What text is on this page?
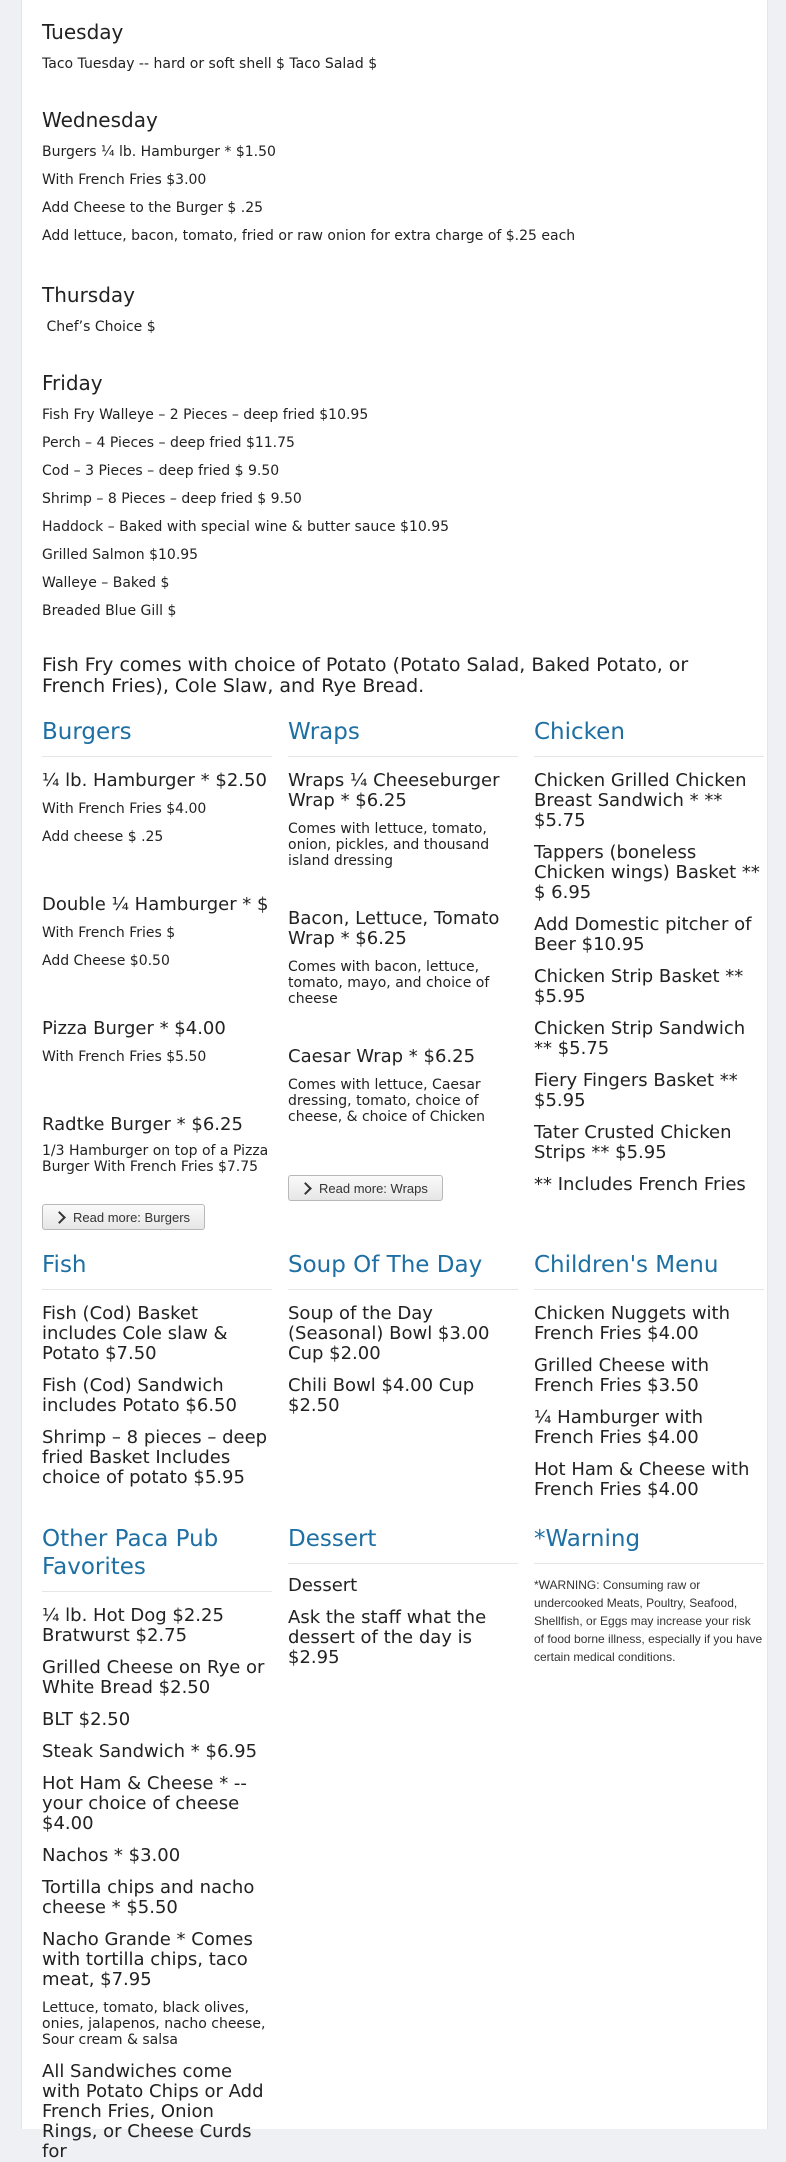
Tuesday

Taco Tuesday -- hard or soft shell $ Taco Salad $

Wednesday

Burgers ¼ lb. Hamburger * $1.50

With French Fries $3.00

Add Cheese to the Burger $ .25

Add lettuce, bacon, tomato, fried or raw onion for extra charge of $.25 each

Thursday

Chef’s Choice $

Friday

Fish Fry Walleye – 2 Pieces – deep fried $10.95

Perch – 4 Pieces – deep fried $11.75

Cod – 3 Pieces – deep fried $ 9.50

Shrimp – 8 Pieces – deep fried $ 9.50

Haddock – Baked with special wine & butter sauce $10.95

Grilled Salmon $10.95

Walleye – Baked $

Breaded Blue Gill $

Fish Fry comes with choice of Potato (Potato Salad, Baked Potato, or French Fries), Cole Slaw, and Rye Bread.

Burgers
¼ lb. Hamburger * $2.50

With French Fries $4.00

Add cheese $ .25

Double ¼ Hamburger * $

With French Fries $

Add Cheese $0.50

Pizza Burger * $4.00

With French Fries $5.50

Radtke Burger * $6.25

1/3 Hamburger on top of a Pizza Burger With French Fries $7.75

Read more: Burgers
Wraps
Wraps ¼ Cheeseburger Wrap * $6.25

Comes with lettuce, tomato, onion, pickles, and thousand island dressing

Bacon, Lettuce, Tomato Wrap * $6.25

Comes with bacon, lettuce, tomato, mayo, and choice of cheese

Caesar Wrap * $6.25

Comes with lettuce, Caesar dressing, tomato, choice of cheese, & choice of Chicken

Read more: Wraps
Chicken
Chicken Grilled Chicken Breast Sandwich * ** $5.75
Tappers (boneless Chicken wings) Basket ** $ 6.95
Add Domestic pitcher of Beer $10.95
Chicken Strip Basket ** $5.95
Chicken Strip Sandwich ** $5.75
Fiery Fingers Basket ** $5.95
Tater Crusted Chicken Strips ** $5.95
** Includes French Fries
Fish
Fish (Cod) Basket includes Cole slaw & Potato $7.50
Fish (Cod) Sandwich includes Potato $6.50
Shrimp – 8 pieces – deep fried Basket Includes choice of potato $5.95
Soup Of The Day
Soup of the Day (Seasonal) Bowl $3.00 Cup $2.00
Chili Bowl $4.00 Cup $2.50
Children's Menu
Chicken Nuggets with French Fries $4.00
Grilled Cheese with French Fries $3.50
¼ Hamburger with French Fries $4.00
Hot Ham & Cheese with French Fries $4.00
Other Paca Pub Favorites
¼ lb. Hot Dog $2.25 Bratwurst $2.75
Grilled Cheese on Rye or White Bread $2.50
BLT $2.50
Steak Sandwich * $6.95
Hot Ham & Cheese * -- your choice of cheese $4.00
Nachos * $3.00
Tortilla chips and nacho cheese * $5.50
Nacho Grande * Comes with tortilla chips, taco meat, $7.95

Lettuce, tomato, black olives, onies, jalapenos, nacho cheese, Sour cream & salsa

All Sandwiches come with Potato Chips or Add French Fries, Onion Rings, or Cheese Curds for
Dessert
Dessert
Ask the staff what the dessert of the day is $2.95
*Warning

*WARNING: Consuming raw or undercooked Meats, Poultry, Seafood, Shellfish, or Eggs may increase your risk of food borne illness, especially if you have certain medical conditions.
